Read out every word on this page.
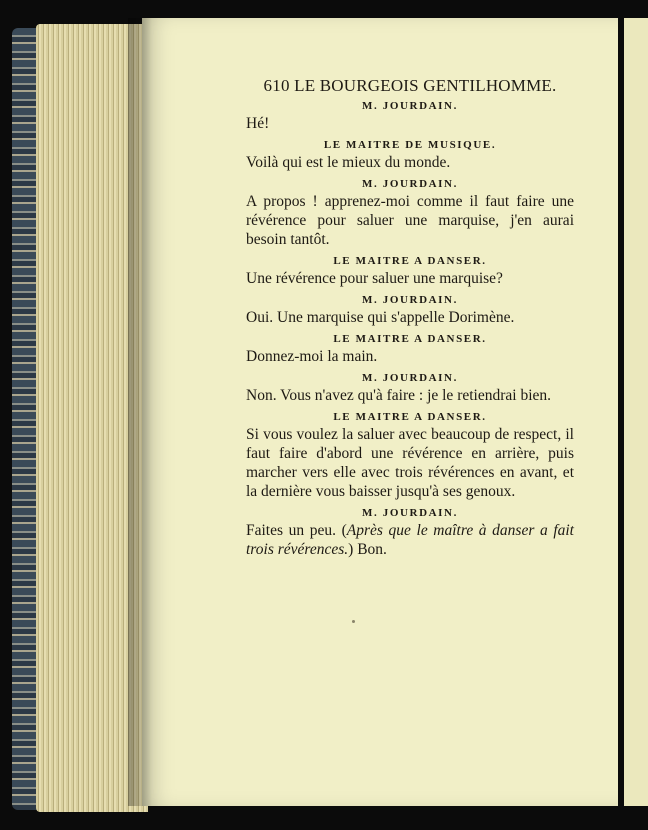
610 LE BOURGEOIS GENTILHOMME.
M. JOURDAIN.

Hé!

LE MAITRE DE MUSIQUE.

Voilà qui est le mieux du monde.

M. JOURDAIN.

A propos ! apprenez-moi comme il faut faire une révérence pour saluer une marquise, j'en aurai besoin tantôt.

LE MAITRE A DANSER.

Une révérence pour saluer une marquise?

M. JOURDAIN.

Oui. Une marquise qui s'appelle Dorimène.

LE MAITRE A DANSER.

Donnez-moi la main.

M. JOURDAIN.

Non. Vous n'avez qu'à faire : je le retiendrai bien.

LE MAITRE A DANSER.

Si vous voulez la saluer avec beaucoup de respect, il faut faire d'abord une révérence en arrière, puis marcher vers elle avec trois révérences en avant, et la dernière vous baisser jusqu'à ses genoux.

M. JOURDAIN.

Faites un peu. (Après que le maître à danser a fait trois révérences.) Bon.
